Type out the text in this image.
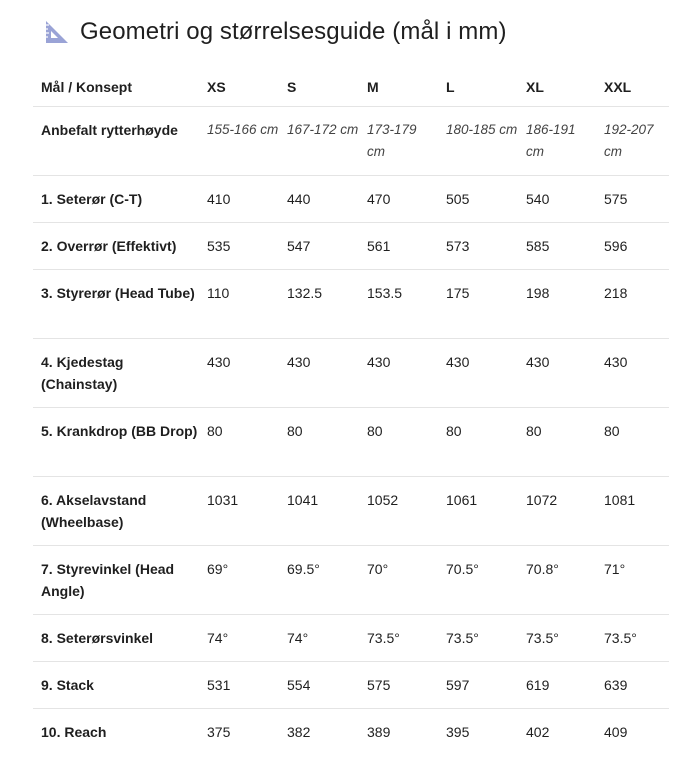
Geometri og størrelsesguide (mål i mm)
Mål / Konsept	XS	S	M	L	XL	XXL
Anbefalt rytterhøyde	155-166 cm	167-172 cm	173-179 cm	180-185 cm	186-191 cm	192-207 cm
1. Seterør (C-T)	410	440	470	505	540	575
2. Overrør (Effektivt)	535	547	561	573	585	596
3. Styrerør (Head Tube)	110	132.5	153.5	175	198	218
4. Kjedestag (Chainstay)	430	430	430	430	430	430
5. Krankdrop (BB Drop)	80	80	80	80	80	80
6. Akselavstand (Wheelbase)	1031	1041	1052	1061	1072	1081
7. Styrevinkel (Head Angle)	69°	69.5°	70°	70.5°	70.8°	71°
8. Seterørsvinkel	74°	74°	73.5°	73.5°	73.5°	73.5°
9. Stack	531	554	575	597	619	639
10. Reach	375	382	389	395	402	409
